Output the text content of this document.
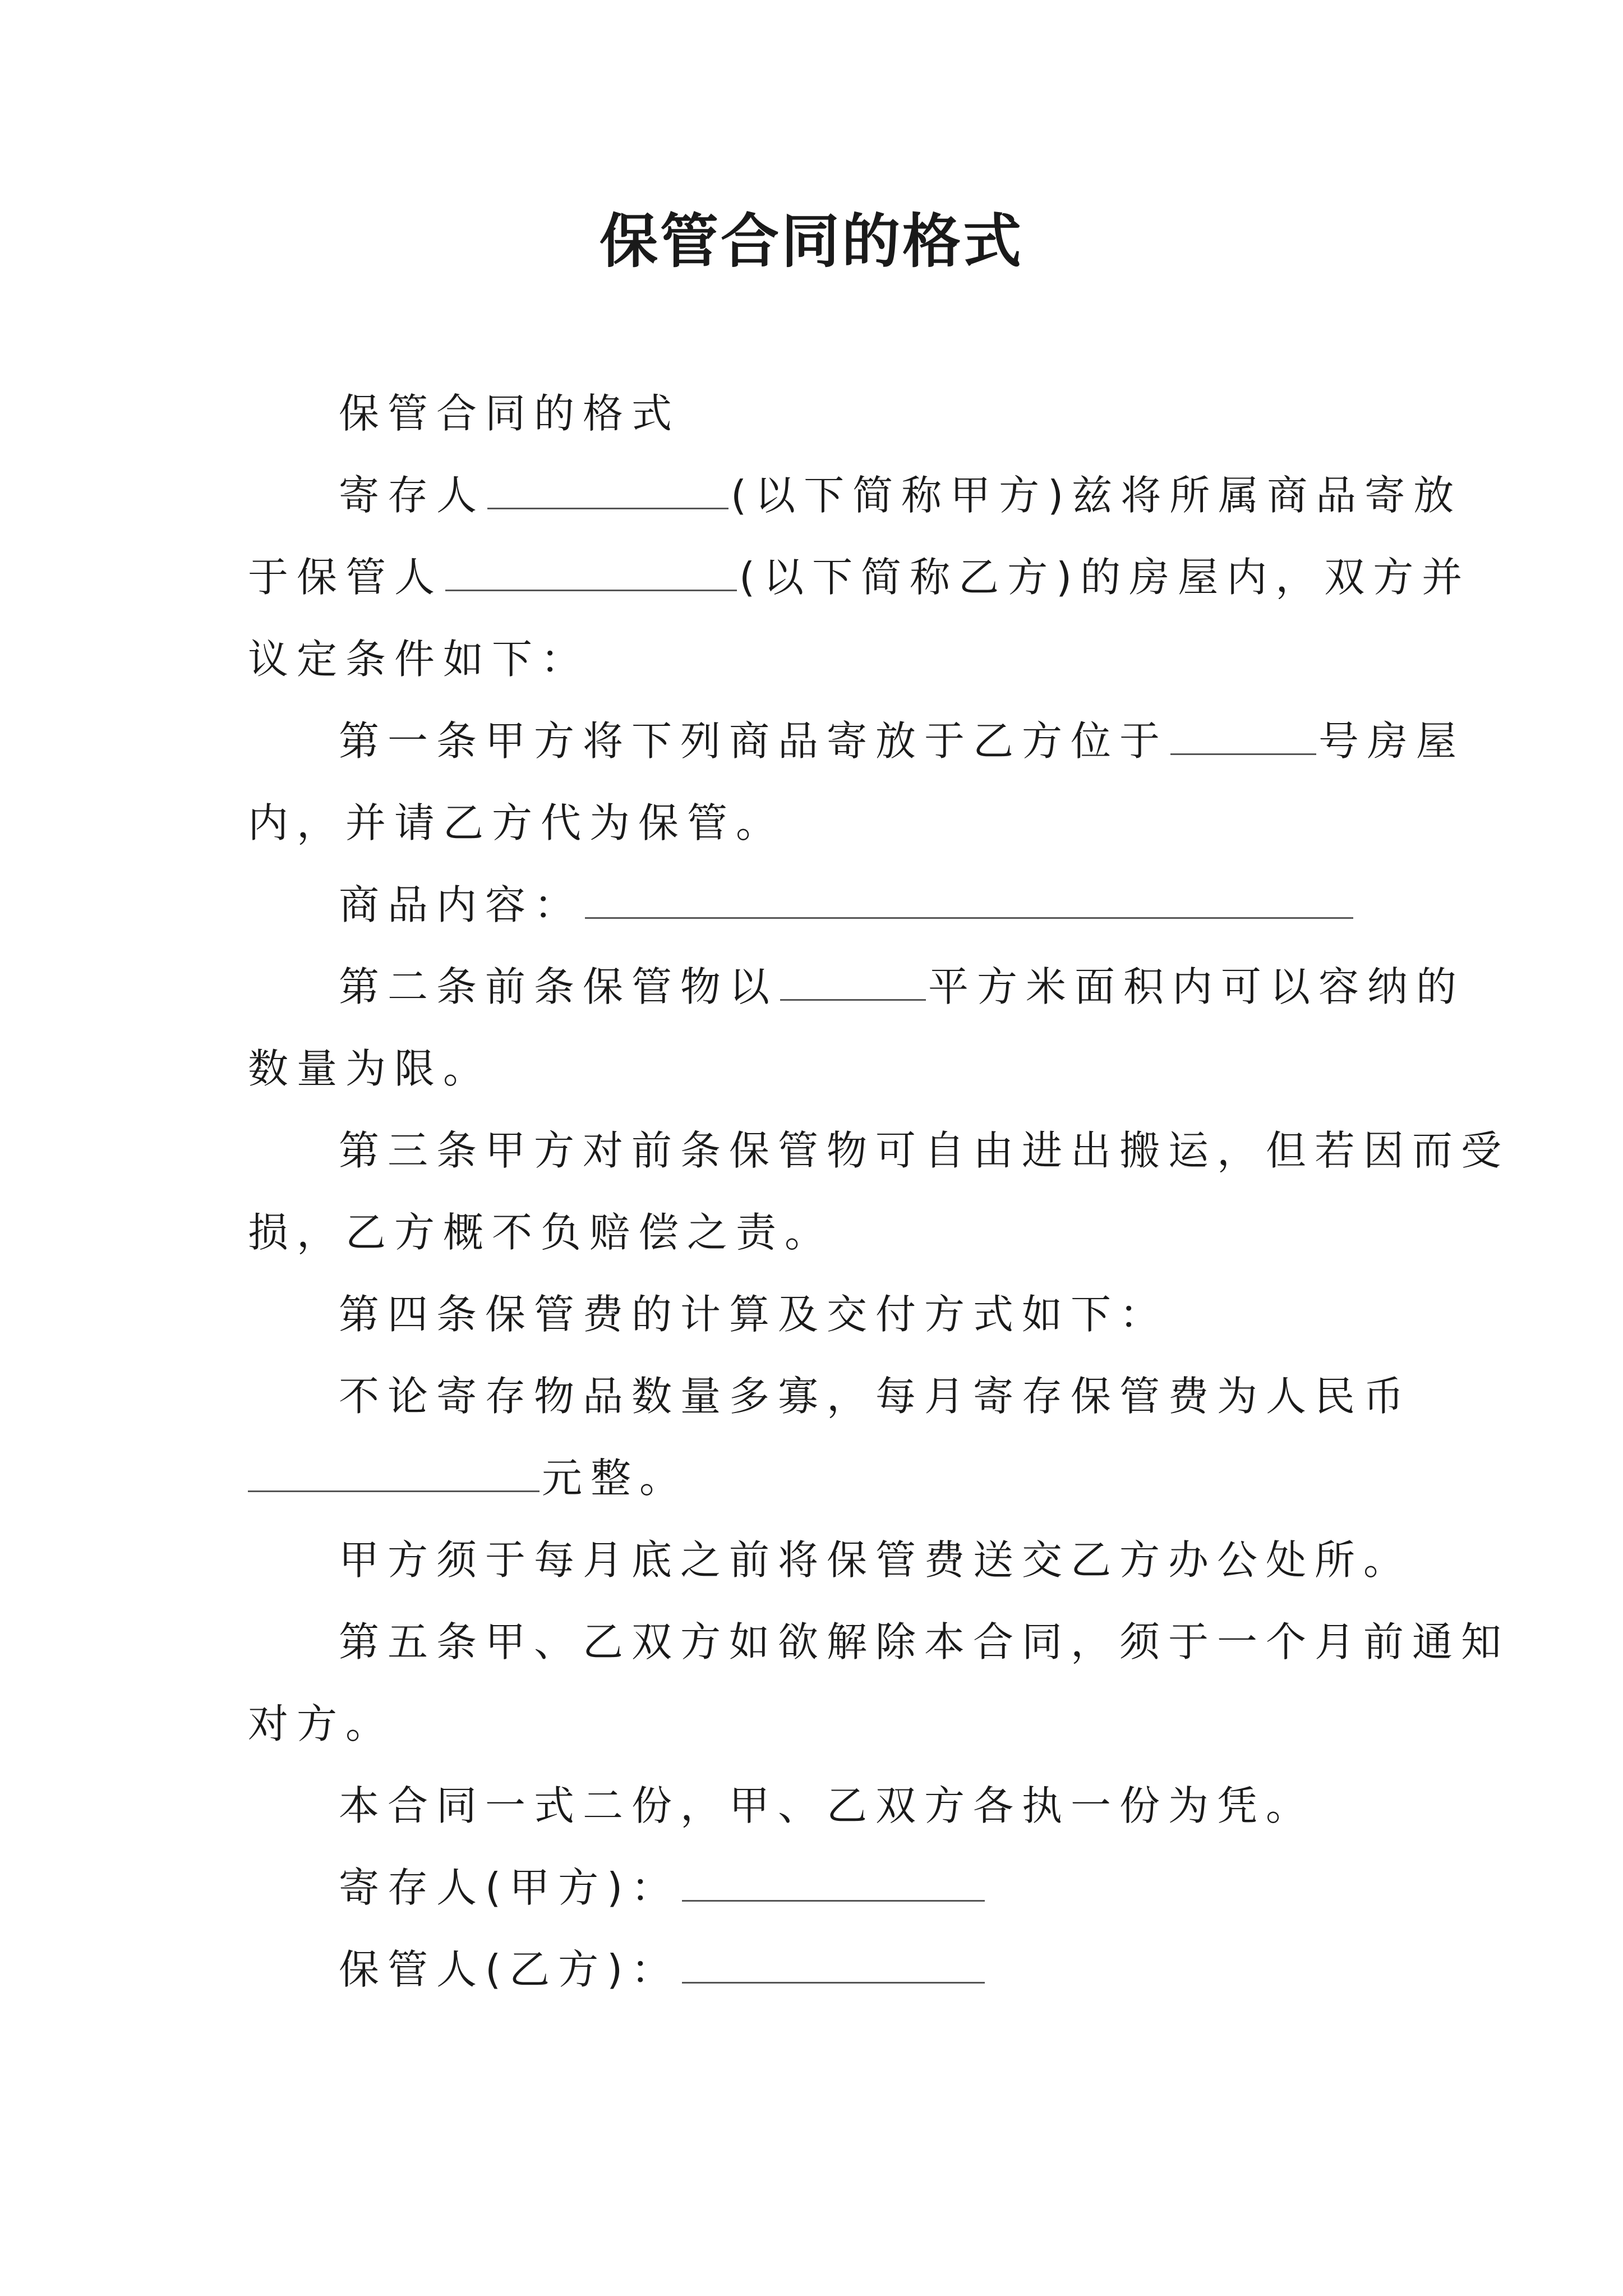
保管合同的格式
保管合同的格式
寄存人	(以下简称甲方)兹将所属商品寄放
于保管人	(以下简称乙方)的房屋内，双方并
议定条件如下：
第一条甲方将下列商品寄放于乙方位于	号房屋
内，并请乙方代为保管。
商品内容：
第二条前条保管物以	平方米面积内可以容纳的
数量为限。
第三条甲方对前条保管物可自由进出搬运，但若因而受
损，乙方概不负赔偿之责。
第四条保管费的计算及交付方式如下：
不论寄存物品数量多寡，每月寄存保管费为人民币
元整。
甲方须于每月底之前将保管费送交乙方办公处所。
第五条甲、乙双方如欲解除本合同，须于一个月前通知
对方。
本合同一式二份，甲、乙双方各执一份为凭。
寄存人(甲方)：
保管人(乙方)：
